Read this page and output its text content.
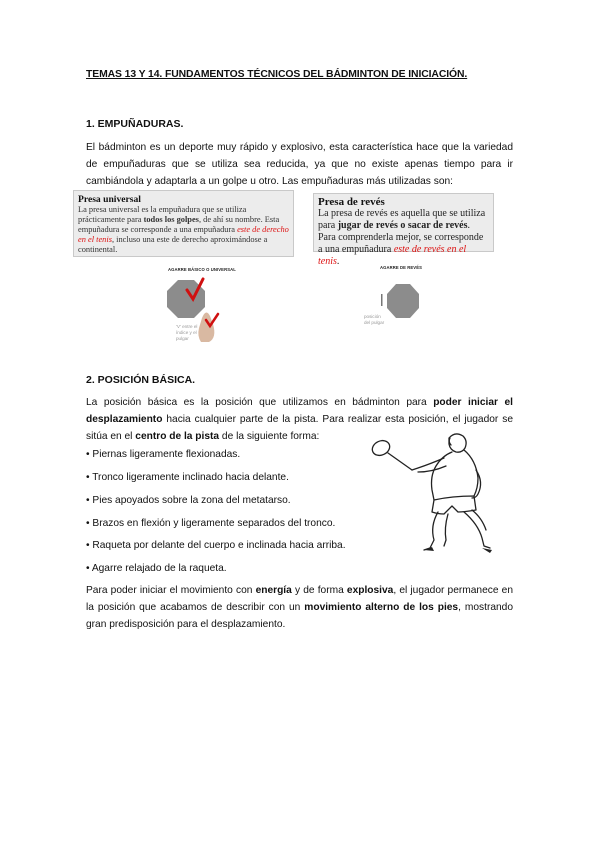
TEMAS 13 Y 14. FUNDAMENTOS TÉCNICOS DEL BÁDMINTON DE INICIACIÓN.
1. EMPUÑADURAS.
El bádminton es un deporte muy rápido y explosivo, esta característica hace que la variedad de empuñaduras que se utiliza sea reducida, ya que no existe apenas tiempo para ir cambiándola y adaptarla a un golpe u otro. Las empuñaduras más utilizadas son:
Presa universal
La presa universal es la empuñadura que se utiliza prácticamente para todos los golpes, de ahí su nombre. Esta empuñadura se corresponde a una empuñadura este de derecho en el tenis, incluso una este de derecho aproximándose a continental.
Presa de revés
La presa de revés es aquella que se utiliza para jugar de revés o sacar de revés. Para comprenderla mejor, se corresponde a una empuñadura este de revés en el tenis.
AGARRE BÁSICO O UNIVERSAL
'V' entre el índice y el pulgar
AGARRE DE REVÉS
posición del pulgar
2. POSICIÓN BÁSICA.
La posición básica es la posición que utilizamos en bádminton para poder iniciar el desplazamiento hacia cualquier parte de la pista. Para realizar esta posición, el jugador se sitúa en el centro de la pista de la siguiente forma:
• Piernas ligeramente flexionadas.
• Tronco ligeramente inclinado hacia delante.
• Pies apoyados sobre la zona del metatarso.
• Brazos en flexión y ligeramente separados del tronco.
• Raqueta por delante del cuerpo e inclinada hacia arriba.
• Agarre relajado de la raqueta.
Para poder iniciar el movimiento con energía y de forma explosiva, el jugador permanece en la posición que acabamos de describir con un movimiento alterno de los pies, mostrando gran predisposición para el desplazamiento.
